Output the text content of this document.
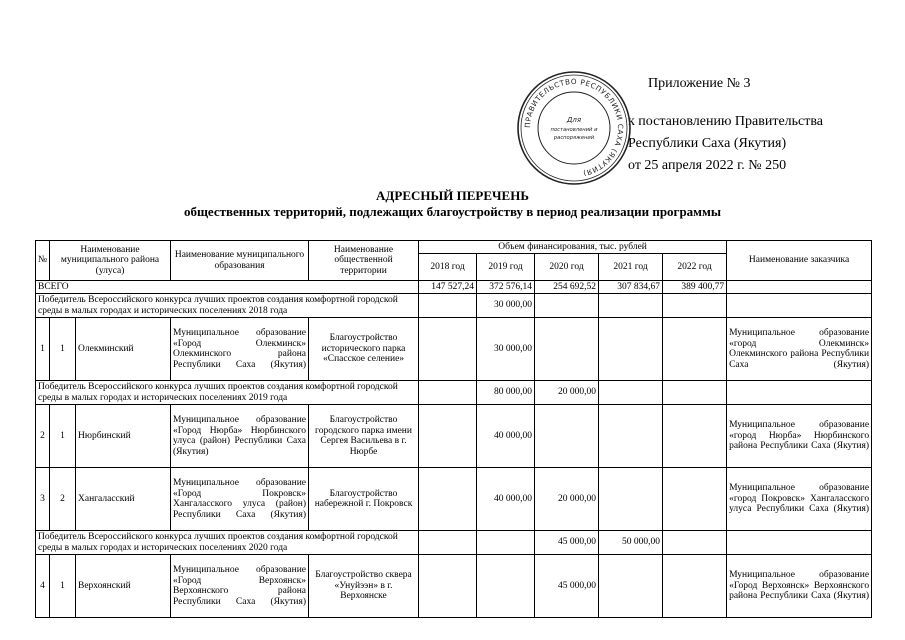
Приложение № 3
к постановлению Правительства
Республики Саха (Якутия)
от 25 апреля 2022 г. № 250
ПРАВИТЕЛЬСТВО РЕСПУБЛИКИ САХА (ЯКУТИЯ)
Для
постановлений и
распоряжений
АДРЕСНЫЙ ПЕРЕЧЕНЬ
общественных территорий, подлежащих благоустройству в период реализации программы
№	Наименование муниципального района (улуса)		Наименование муниципального образования	Наименование общественной территории	Объем финансирования, тыс. рублей					Наименование заказчика
					2018 год	2019 год	2020 год	2021 год	2022 год	
ВСЕГО					147 527,24	372 576,14	254 692,52	307 834,67	389 400,77	
Победитель Всероссийского конкурса лучших проектов создания комфортной городской среды в малых городах и исторических поселениях 2018 года						30 000,00				
1	1	Олекминский	Муниципальное образование «Город Олекминск» Олекминского района Республики Саха (Якутия)	Благоустройство исторического парка «Спасское селение»		30 000,00				Муниципальное образование «город Олекминск» Олекминского района Республики Саха (Якутия)
Победитель Всероссийского конкурса лучших проектов создания комфортной городской среды в малых городах и исторических поселениях 2019 года						80 000,00	20 000,00			
2	1	Нюрбинский	Муниципальное образование «Город Нюрба» Нюрбинского улуса (район) Республики Саха (Якутия)	Благоустройство городского парка имени Сергея Васильева в г. Нюрбе		40 000,00				Муниципальное образование «город Нюрба» Нюрбинского района Республики Саха (Якутия)
3	2	Хангаласский	Муниципальное образование «Город Покровск» Хангаласского улуса (район) Республики Саха (Якутия)	Благоустройство набережной г. Покровск		40 000,00	20 000,00			Муниципальное образование «город Покровск» Хангаласского улуса Республики Саха (Якутия)
Победитель Всероссийского конкурса лучших проектов создания комфортной городской среды в малых городах и исторических поселениях 2020 года							45 000,00	50 000,00		
4	1	Верхоянский	Муниципальное образование «Город Верхоянск» Верхоянского района Республики Саха (Якутия)	Благоустройство сквера «Унуйээн» в г. Верхоянске			45 000,00			Муниципальное образование «Город Верхоянск» Верхоянского района Республики Саха (Якутия)
